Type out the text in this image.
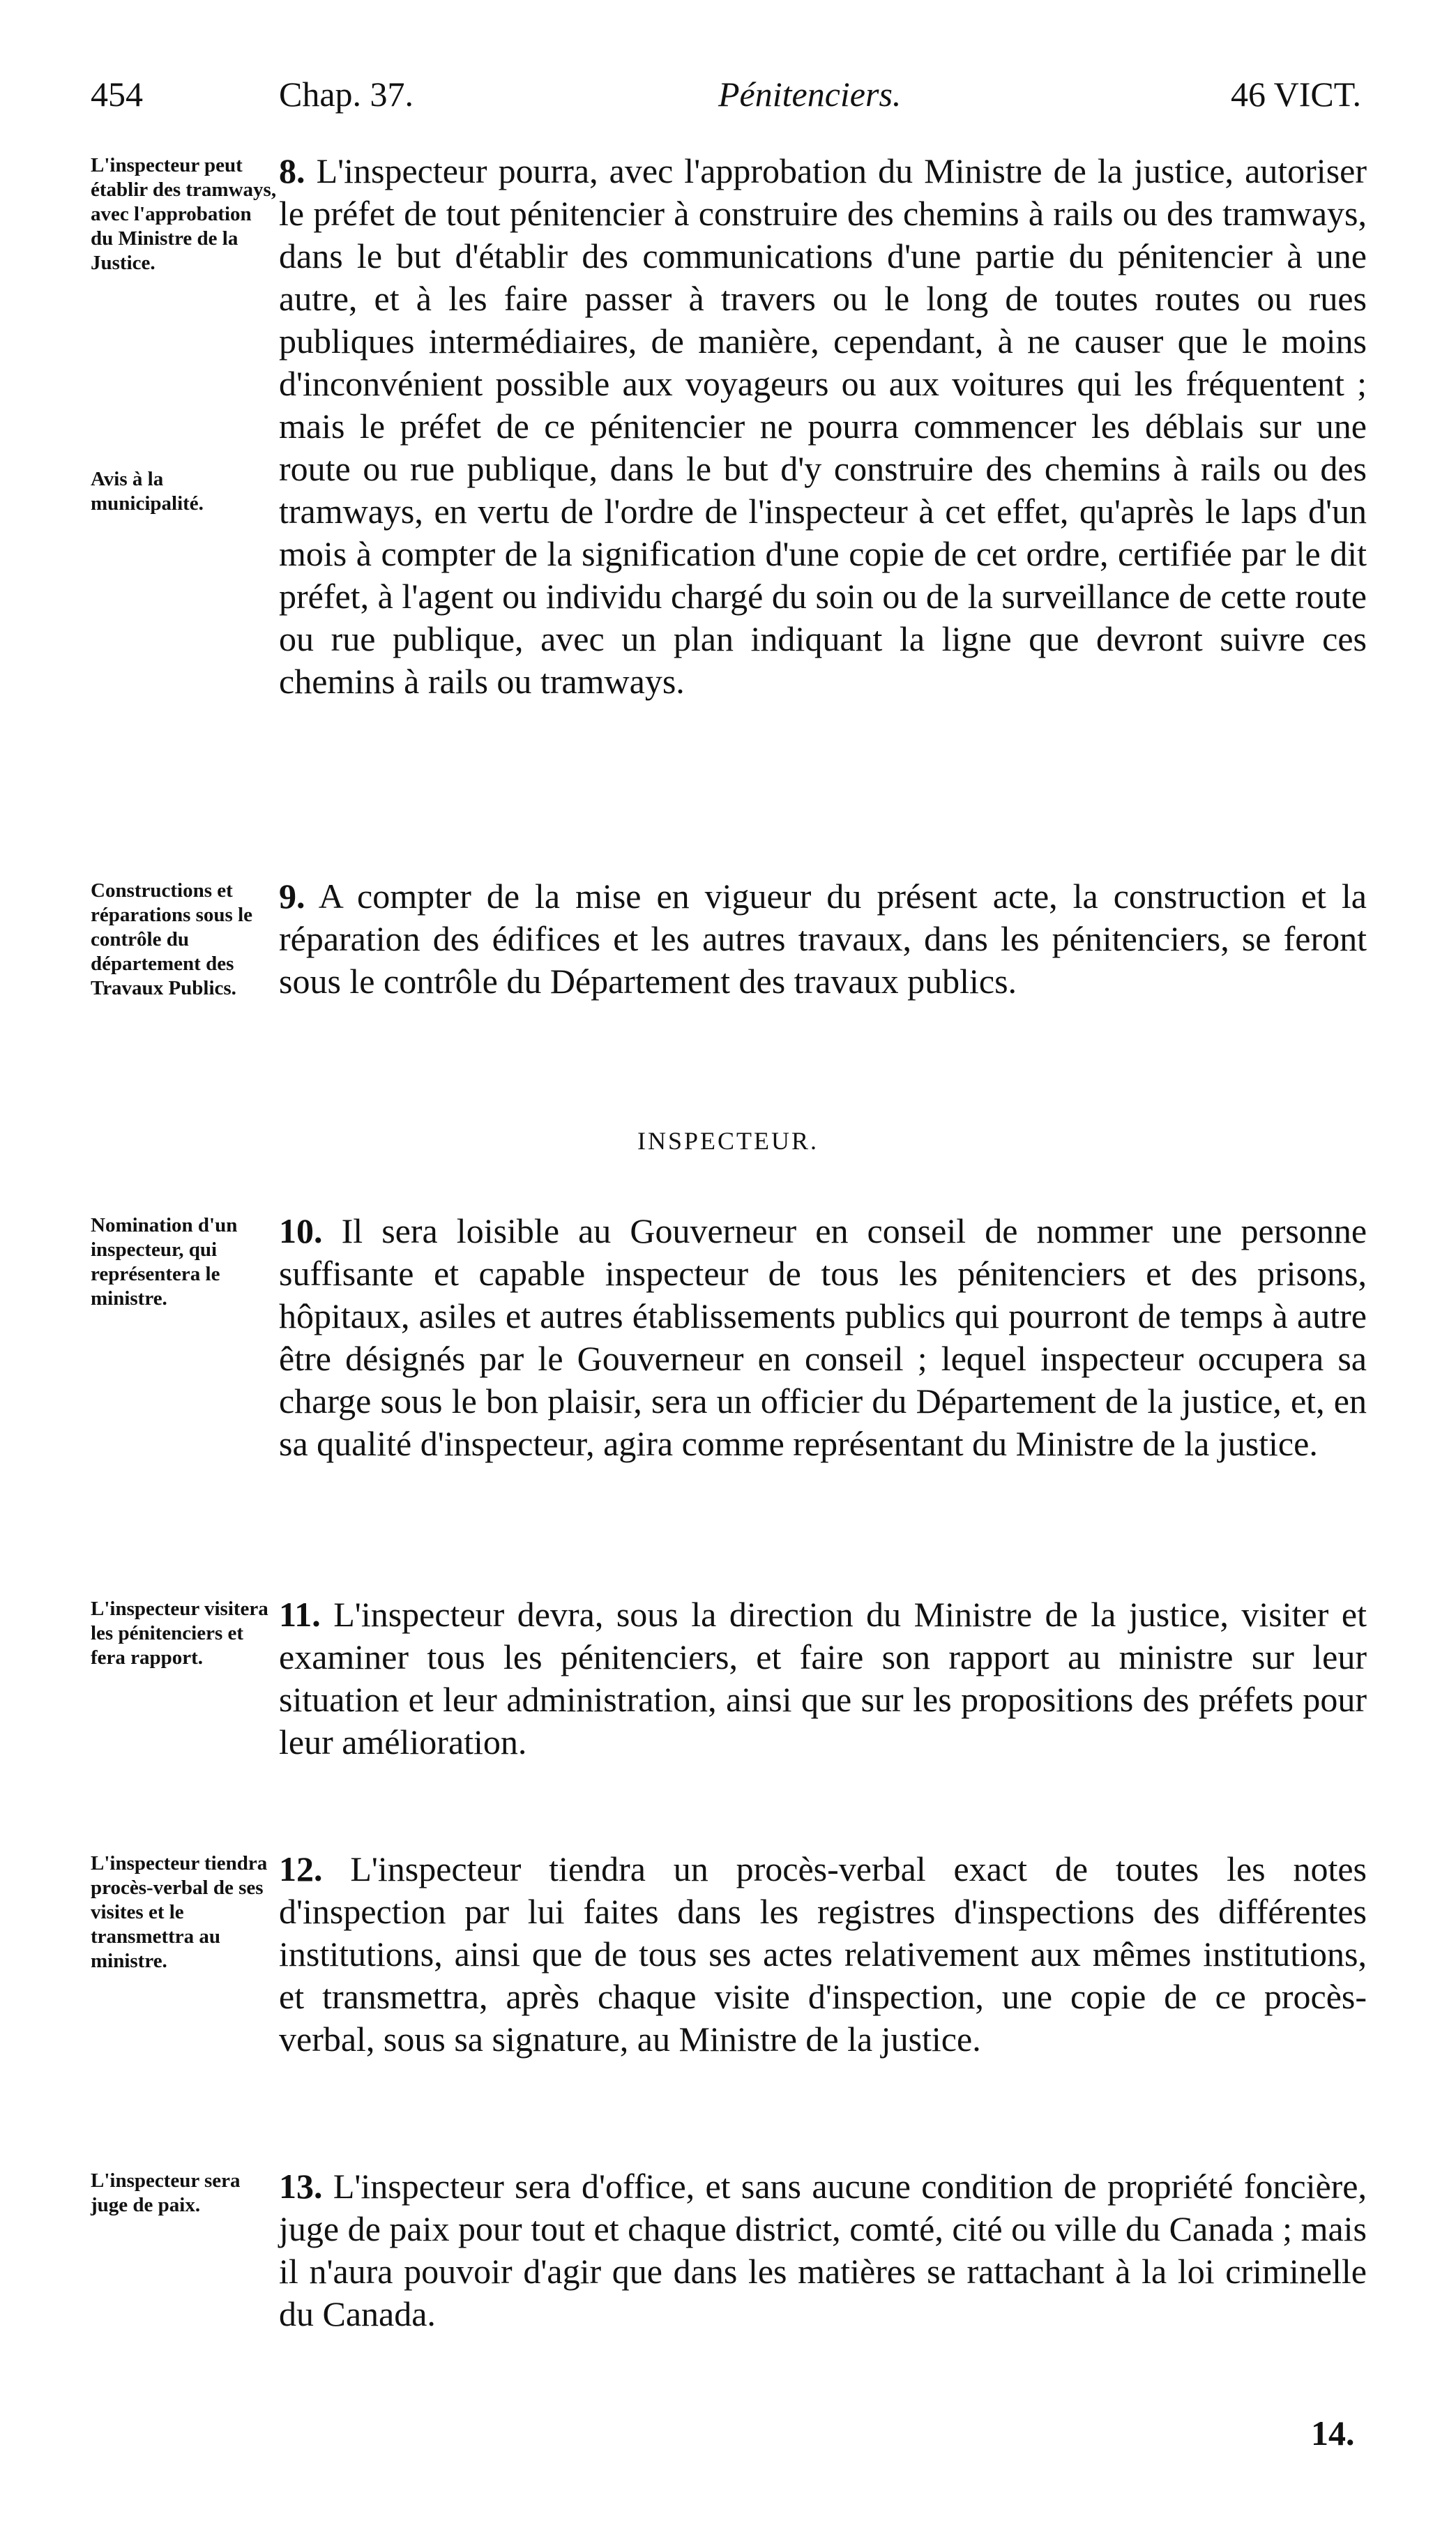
454	Chap. 37.	Pénitenciers.	46 VICT.
L'inspecteur peut établir des tramways, avec l'approbation du Ministre de la Justice.
Avis à la municipalité.
8. L'inspecteur pourra, avec l'approbation du Ministre de la justice, autoriser le préfet de tout pénitencier à construire des chemins à rails ou des tramways, dans le but d'établir des communications d'une partie du pénitencier à une autre, et à les faire passer à travers ou le long de toutes routes ou rues publiques intermédiaires, de manière, cependant, à ne causer que le moins d'inconvénient possible aux voyageurs ou aux voitures qui les fréquentent ; mais le préfet de ce pénitencier ne pourra commencer les déblais sur une route ou rue publique, dans le but d'y construire des chemins à rails ou des tramways, en vertu de l'ordre de l'inspecteur à cet effet, qu'après le laps d'un mois à compter de la signification d'une copie de cet ordre, certifiée par le dit préfet, à l'agent ou individu chargé du soin ou de la surveillance de cette route ou rue publique, avec un plan indiquant la ligne que devront suivre ces chemins à rails ou tramways.
Constructions et réparations sous le contrôle du département des Travaux Publics.
9. A compter de la mise en vigueur du présent acte, la construction et la réparation des édifices et les autres travaux, dans les pénitenciers, se feront sous le contrôle du Département des travaux publics.
INSPECTEUR.
Nomination d'un inspecteur, qui représentera le ministre.
10. Il sera loisible au Gouverneur en conseil de nommer une personne suffisante et capable inspecteur de tous les pénitenciers et des prisons, hôpitaux, asiles et autres établissements publics qui pourront de temps à autre être désignés par le Gouverneur en conseil ; lequel inspecteur occupera sa charge sous le bon plaisir, sera un officier du Département de la justice, et, en sa qualité d'inspecteur, agira comme représentant du Ministre de la justice.
L'inspecteur visitera les pénitenciers et fera rapport.
11. L'inspecteur devra, sous la direction du Ministre de la justice, visiter et examiner tous les pénitenciers, et faire son rapport au ministre sur leur situation et leur administration, ainsi que sur les propositions des préfets pour leur amélioration.
L'inspecteur tiendra procès-verbal de ses visites et le transmettra au ministre.
12. L'inspecteur tiendra un procès-verbal exact de toutes les notes d'inspection par lui faites dans les registres d'inspections des différentes institutions, ainsi que de tous ses actes relativement aux mêmes institutions, et transmettra, après chaque visite d'inspection, une copie de ce procès-verbal, sous sa signature, au Ministre de la justice.
L'inspecteur sera juge de paix.	13. L'inspecteur sera d'office, et sans aucune condition de propriété foncière, juge de paix pour tout et chaque district, comté, cité ou ville du Canada ; mais il n'aura pouvoir d'agir que dans les matières se rattachant à la loi criminelle du Canada.
14.
